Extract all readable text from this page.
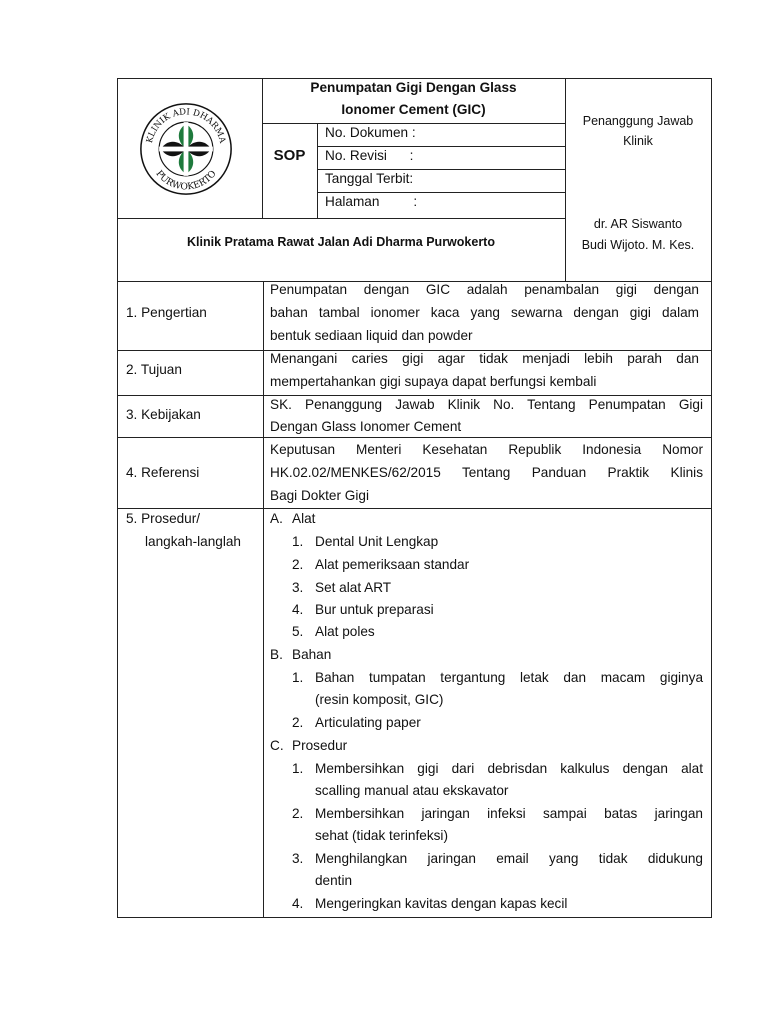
KLINIK ADI DHARMA
PURWOKERTO
Penumpatan Gigi Dengan Glass
Ionomer Cement (GIC)
SOP
No. Dokumen :
No. Revisi      :
Tanggal Terbit:
Halaman         :
Penanggung Jawab
Klinik
dr. AR Siswanto
Budi Wijoto. M. Kes.
Klinik Pratama Rawat Jalan Adi Dharma Purwokerto
1. Pengertian
Penumpatan dengan GIC adalah penambalan gigi dengan
bahan tambal ionomer kaca yang sewarna dengan gigi dalam
bentuk sediaan liquid dan powder
2. Tujuan
Menangani caries gigi agar tidak menjadi lebih parah dan
mempertahankan gigi supaya dapat berfungsi kembali
3. Kebijakan
SK. Penanggung Jawab Klinik No. Tentang Penumpatan Gigi
Dengan Glass Ionomer Cement
4. Referensi
Keputusan Menteri Kesehatan Republik Indonesia Nomor
HK.02.02/MENKES/62/2015 Tentang Panduan Praktik Klinis
Bagi Dokter Gigi
5. Prosedur/
langkah-langlah
A. Alat
1. Dental Unit Lengkap
2. Alat pemeriksaan standar
3. Set alat ART
4. Bur untuk preparasi
5. Alat poles
B. Bahan
1. Bahan tumpatan tergantung letak dan macam giginya
(resin komposit, GIC)
2. Articulating paper
C. Prosedur
1. Membersihkan gigi dari debrisdan kalkulus dengan alat
scalling manual atau ekskavator
2. Membersihkan jaringan infeksi sampai batas jaringan
sehat (tidak terinfeksi)
3. Menghilangkan jaringan email yang tidak didukung
dentin
4. Mengeringkan kavitas dengan kapas kecil
